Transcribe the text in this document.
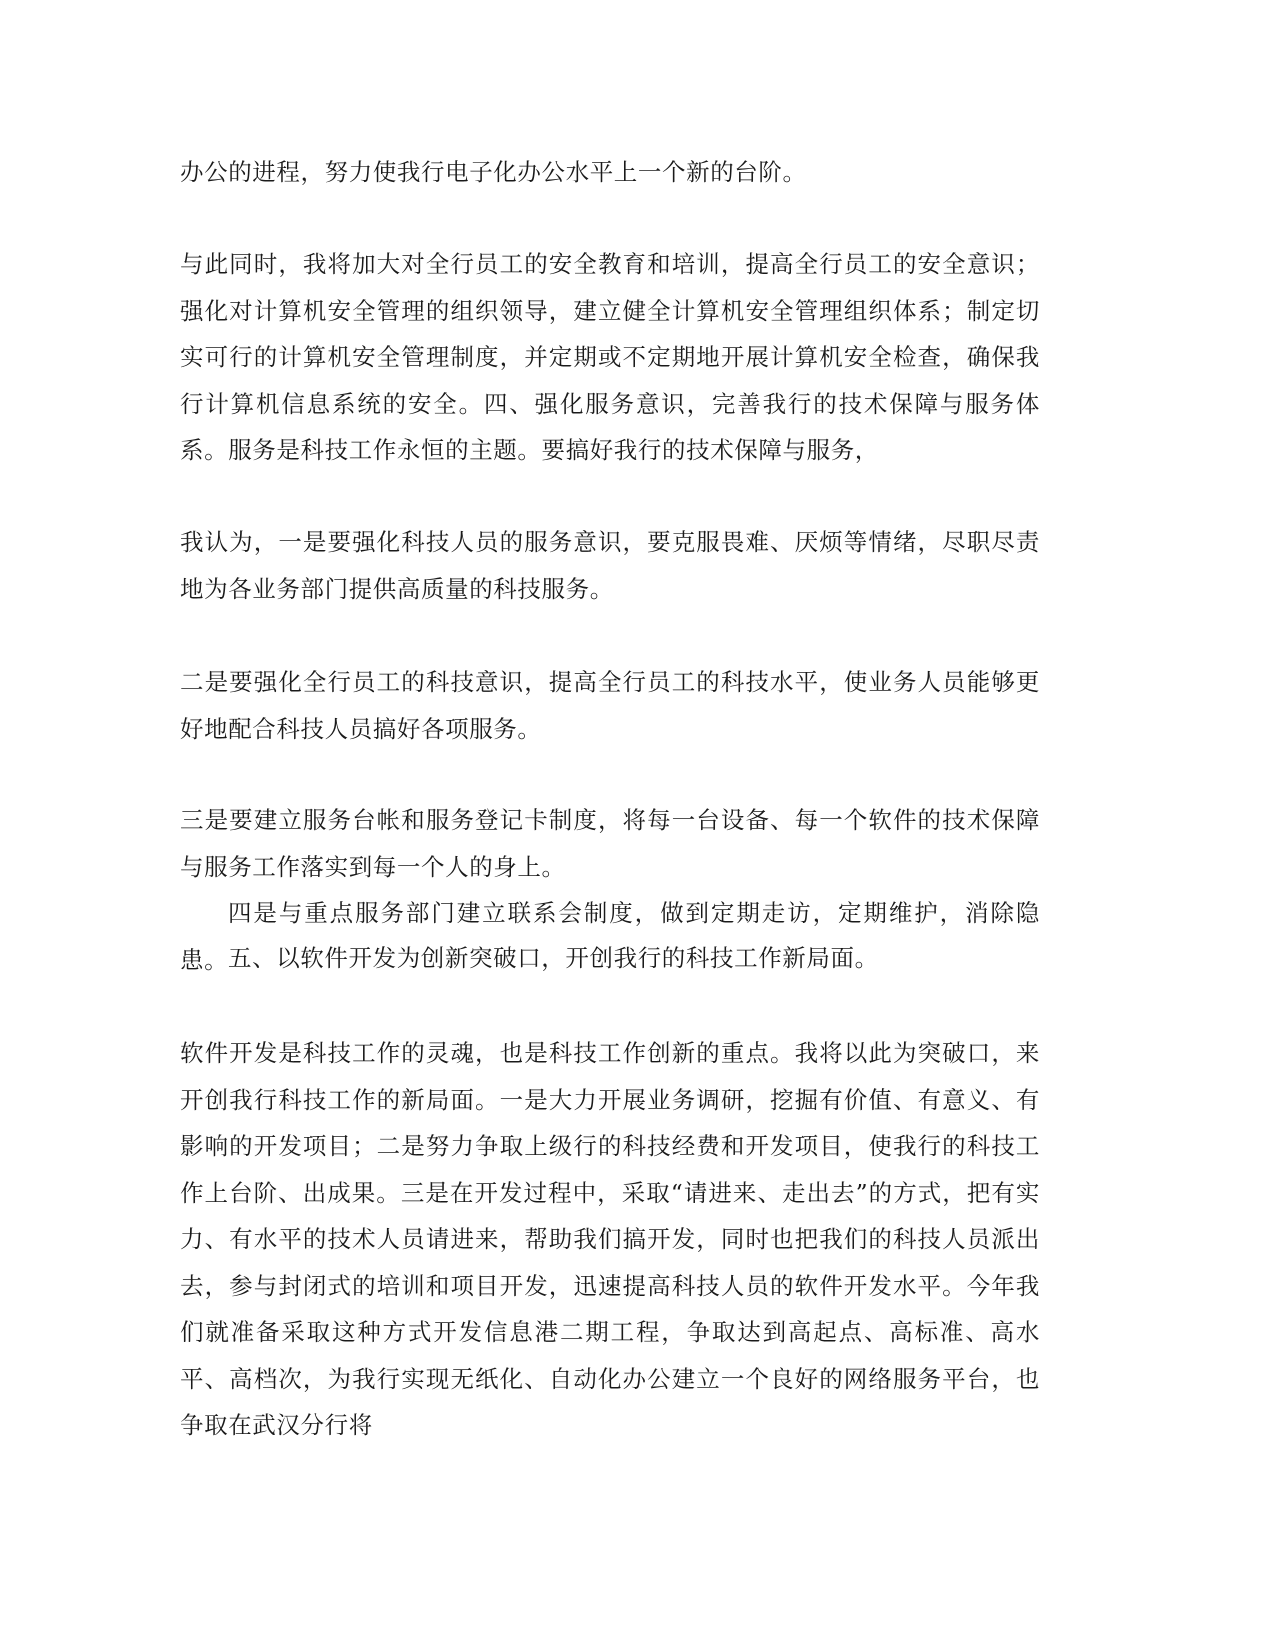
办公的进程，努力使我行电子化办公水平上一个新的台阶。

与此同时，我将加大对全行员工的安全教育和培训，提高全行员工的安全意识；强化对计算机安全管理的组织领导，建立健全计算机安全管理组织体系；制定切实可行的计算机安全管理制度，并定期或不定期地开展计算机安全检查，确保我行计算机信息系统的安全。四、强化服务意识，完善我行的技术保障与服务体系。服务是科技工作永恒的主题。要搞好我行的技术保障与服务，

我认为，一是要强化科技人员的服务意识，要克服畏难、厌烦等情绪，尽职尽责地为各业务部门提供高质量的科技服务。

二是要强化全行员工的科技意识，提高全行员工的科技水平，使业务人员能够更好地配合科技人员搞好各项服务。

三是要建立服务台帐和服务登记卡制度，将每一台设备、每一个软件的技术保障与服务工作落实到每一个人的身上。

四是与重点服务部门建立联系会制度，做到定期走访，定期维护，消除隐患。 五、以软件开发为创新突破口，开创我行的科技工作新局面。

软件开发是科技工作的灵魂，也是科技工作创新的重点。我将以此为突破口，来开创我行科技工作的新局面。一是大力开展业务调研，挖掘有价值、有意义、有影响的开发项目；二是努力争取上级行的科技经费和开发项目，使我行的科技工作上台阶、出成果。三是在开发过程中，采取“请进来、走出去”的方式，把有实力、有水平的技术人员请进来，帮助我们搞开发，同时也把我们的科技人员派出去，参与封闭式的培训和项目开发，迅速提高科技人员的软件开发水平。今年我们就准备采取这种方式开发信息港二期工程，争取达到高起点、高标准、高水平、高档次，为我行实现无纸化、自动化办公建立一个良好的网络服务平台，也争取在武汉分行将
